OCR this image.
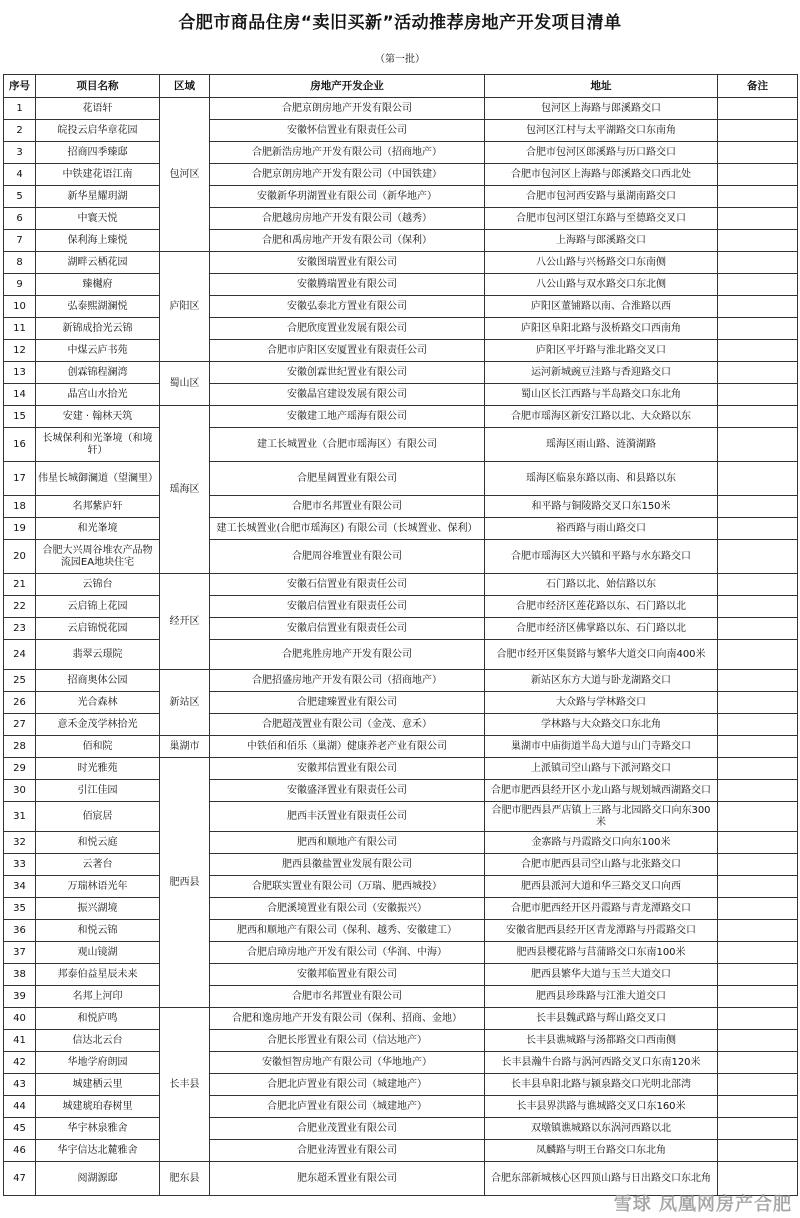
合肥市商品住房“卖旧买新”活动推荐房地产开发项目清单
（第一批）
序号	项目名称	区域	房地产开发企业	地址	备注
1	花语轩	包河区	合肥京朗房地产开发有限公司	包河区上海路与郎溪路交口	
2	皖投云启华章花园		安徽怀信置业有限责任公司	包河区江村与太平湖路交口东南角	
3	招商四季臻邸		合肥新浩房地产开发有限公司（招商地产）	合肥市包河区郎溪路与历口路交口	
4	中铁建花语江南		合肥京朗房地产开发有限公司（中国铁建）	合肥市包河区上海路与郎溪路交口西北处	
5	新华星耀玥湖		安徽新华玥湖置业有限公司（新华地产）	合肥市包河西安路与巢湖南路交口	
6	中寰天悦		合肥越房房地产开发有限公司（越秀）	合肥市包河区望江东路与至德路交叉口	
7	保利海上臻悦		合肥和禹房地产开发有限公司（保利）	上海路与郎溪路交口	
8	湖畔云栖花园	庐阳区	安徽图瑞置业有限公司	八公山路与兴杨路交口东南侧	
9	臻樾府		安徽腾瑞置业有限公司	八公山路与双水路交口东北侧	
10	弘泰熙湖澜悦		安徽弘泰北方置业有限公司	庐阳区董铺路以南、合淮路以西	
11	新锦成拾光云锦		合肥欣度置业发展有限公司	庐阳区阜阳北路与汲桥路交口西南角	
12	中煤云庐书苑		合肥市庐阳区安厦置业有限责任公司	庐阳区平圩路与淮北路交叉口	
13	创霖锦程澜湾	蜀山区	安徽创霖世纪置业有限公司	运河新城豌豆洼路与香迎路交口	
14	晶宫山水拾光		安徽晶宫建设发展有限公司	蜀山区长江西路与半岛路交口东北角	
15	安建 · 翰林天筑	瑶海区	安徽建工地产瑶海有限公司	合肥市瑶海区新安江路以北、大众路以东	
16	长城保利和光峯境（和境轩）		建工长城置业（合肥市瑶海区）有限公司	瑶海区雨山路、涟漪湖路	
17	伟星长城御澜道（望澜里）		合肥星阔置业有限公司	瑶海区临泉东路以南、和县路以东	
18	名邦紫庐轩		合肥市名邦置业有限公司	和平路与铜陵路交叉口东150米	
19	和光峯境		建工长城置业(合肥市瑶海区) 有限公司（长城置业、保利）	裕西路与雨山路交口	
20	合肥大兴周谷堆农产品物流园EA地块住宅		合肥周谷堆置业有限公司	合肥市瑶海区大兴镇和平路与水东路交口	
21	云锦台	经开区	安徽石信置业有限责任公司	石门路以北、始信路以东	
22	云启锦上花园		安徽启信置业有限责任公司	合肥市经济区莲花路以东、石门路以北	
23	云启锦悦花园		安徽启信置业有限责任公司	合肥市经济区佛掌路以东、石门路以北	
24	翡翠云璟院		合肥兆胜房地产开发有限公司	合肥市经开区集贤路与繁华大道交口向南400米	
25	招商奥体公园	新站区	合肥招盛房地产开发有限公司（招商地产）	新站区东方大道与卧龙湖路交口	
26	光合森林		合肥建臻置业有限公司	大众路与学林路交口	
27	意禾金茂学林拾光		合肥超茂置业有限公司（金茂、意禾）	学林路与大众路交口东北角	
28	佰和院	巢湖市	中铁佰和佰乐（巢湖）健康养老产业有限公司	巢湖市中庙街道半岛大道与山门寺路交口	
29	时光雅苑	肥西县	安徽邦信置业有限公司	上派镇司空山路与下派河路交口	
30	引江佳园		安徽盛泽置业有限责任公司	合肥市肥西县经开区小龙山路与规划城西湖路交口	
31	佰宸居		肥西丰沃置业有限责任公司	合肥市肥西县严店镇上三路与北园路交口向东300米	
32	和悦云庭		肥西和顺地产有限公司	金寨路与丹霞路交口向东100米	
33	云著台		肥西县徽盐置业发展有限公司	合肥市肥西县司空山路与北张路交口	
34	万瑞林语光年		合肥联实置业有限公司（万瑞、肥西城投）	肥西县派河大道和华三路交叉口向西	
35	振兴湖境		合肥溪境置业有限公司（安徽振兴）	合肥市肥西经开区丹霞路与青龙潭路交口	
36	和悦云锦		肥西和顺地产有限公司（保利、越秀、安徽建工）	安徽省肥西县经开区青龙潭路与丹霞路交口	
37	观山镜湖		合肥启璋房地产开发有限公司（华润、中海）	肥西县樱花路与莒蒲路交口东南100米	
38	邦泰伯益星辰未来		安徽邦临置业有限公司	肥西县繁华大道与玉兰大道交口	
39	名邦上河印		合肥市名邦置业有限公司	肥西县珍珠路与江淮大道交口	
40	和悦庐鸣	长丰县	合肥和逸房地产开发有限公司（保利、招商、金地）	长丰县魏武路与辉山路交叉口	
41	信达北云台		合肥长彤置业有限公司（信达地产）	长丰县谯城路与汤都路交口西南侧	
42	华地学府朗园		安徽恒智房地产有限公司（华地地产）	长丰县瀚牛台路与涡河西路交叉口东南120米	
43	城建栖云里		合肥北庐置业有限公司（城建地产）	长丰县阜阳北路与颍泉路交口光明北部湾	
44	城建琥珀春树里		合肥北庐置业有限公司（城建地产）	长丰县界洪路与谯城路交叉口东160米	
45	华宇林泉雅舍		合肥业茂置业有限公司	双墩镇谯城路以东涡河西路以北	
46	华宇信达北麓雅舍		合肥业涛置业有限公司	凤麟路与明王台路交口东北角	
47	阅湖源邸	肥东县	肥东超禾置业有限公司	合肥东部新城核心区四顶山路与日出路交口东北角	
雪球 凤凰网房产合肥
